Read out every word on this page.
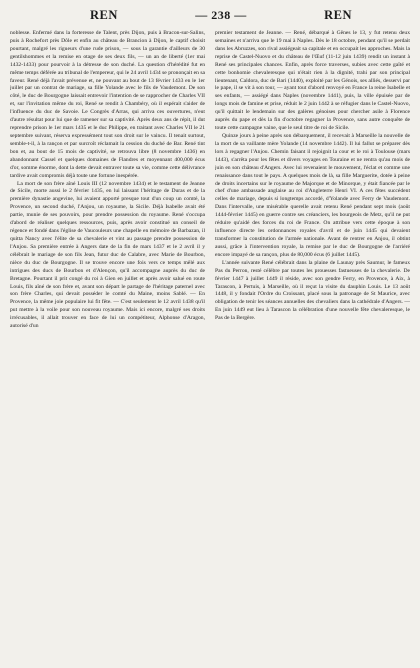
REN	— 238 —	REN

noblesse. Enfermé dans la forteresse de Talent, près Dijon, puis à Bracon-sur-Salins, puis à Rochefort près Dôle et enfin au château de Brancion à Dijon, le captif choisit pourtant, malgré les rigueurs d'une rude prison, — sous la garantie d'ailleurs de 30 gentilshommes et la remise en otage de ses deux fils, — un an de liberté (1er mai 1432-1433) pour pourvoir à la détresse de son duché. La question d'hérédité fut en même temps déférée au tribunal de l'empereur, qui le 24 avril 1434 se prononçait en sa faveur. René déjà l'avait prévenue et, ne pouvant au bout de 13 février 1433 en le 1er juillet par un contrat de mariage, sa fille Yolande avec le fils de Vaudemont. De son côté, le duc de Bourgogne laissait entrevoir l'intention de se rapprocher de Charles VII et, sur l'invitation même du roi, René se rendit à Chambéry, où il espérait s'aider de l'influence du duc de Savoie. Le Congrès d'Arras, qui arriva ces ouvertures, n'eut d'autre résultat pour lui que de ramener sur sa captivité. Après deux ans de répit, il dut reprendre prison le 1er mars 1435 et le duc Philippe, en traitant avec Charles VII le 21 septembre suivant, réserva expressément tout son droit sur le vaincu. Il tenait surtout, semble-t-il, à la rançon et par surcroît réclamait la cession du duché de Bar. René tint bon et, au bout de 15 mois de captivité, se retrouva libre (8 novembre 1436) en abandonnant Cassel et quelques domaines de Flandres et moyennant 400,000 écus d'or, somme énorme, dont la dette devait entraver toute sa vie, comme cette délivrance tardive avait compromis déjà toute une fortune inespérée.

La mort de son frère aîné Louis III (12 novembre 1434) et le testament de Jeanne de Sicile, morte aussi le 2 février 1435, en lui laissant l'héritage de Duras et de la première dynastie angevine, lui avaient apporté presque tout d'un coup un comté, la Provence, un second duché, l'Anjou, un royaume, la Sicile. Déjà Isabelle avait été partie, munie de ses pouvoirs, pour prendre possession du royaume. René s'occupa d'abord de réaliser quelques ressources, puis, après avoir constitué un conseil de régence et fondé dans l'église de Vaucouleurs une chapelle en mémoire de Barbazan, il quitta Nancy avec l'élite de sa chevalerie et vint au passage prendre possession de l'Anjou. Sa première entrée à Angers date de la fin de mars 1437 et le 2 avril il y célébrait le mariage de son fils Jean, futur duc de Calabre, avec Marie de Bourbon, nièce du duc de Bourgogne. Il se trouve encore une fois vers ce temps mêlé aux intrigues des ducs de Bourbon et d'Alençon, qu'il accompagne auprès du duc de Bretagne. Pourtant il prit congé du roi à Gien en juillet et après avoir salué en route Louis, fils aîné de son frère et, avant son départ le partage de l'héritage paternel avec son frère Charles, qui devait posséder le comté du Maine, moins Sablé. — En Provence, la même joie populaire lui fit fête. — C'est seulement le 12 avril 1438 qu'il put mettre à la voile pour son nouveau royaume. Mais ici encore, malgré ses droits irrécusables, il allait trouver en face de lui un compétiteur, Alphonse d'Aragon, autorisé d'un

premier testament de Jeanne. — René, débarqué à Gênes le 13, y fut retenu deux semaines et n'arriva que le 19 mai à Naples. Dès le 18 octobre, pendant qu'il se perdait dans les Abruzzes, son rival assiégeait sa capitale et en occupait les approches. Mais la reprise de Castel-Nuovo et du château de l'Œuf (11-12 juin 1439) rendit un instant à René ses principales chances. Enfin, après force traverses, subies avec cette gaîté et cette bonhomie chevaleresque qui n'était rien à la dignité, trahi par son principal lieutenant, Caldora, duc de Bari (1440), exploité par les Génois, ses alliés, desservi par le pape, il se vit à son tour, — ayant tout d'abord renvoyé en France la reine Isabelle et ses enfants, — assiégé dans Naples (novembre 1441), puis, la ville épuisée par de longs mois de famine et prise, réduit le 2 juin 1442 à se réfugier dans le Castel-Nuovo, qu'il quittait le lendemain sur des galères génoises pour chercher asile à Florence auprès du pape et dès la fin d'octobre regagner la Provence, sans autre conquête de toute cette campagne vaine, que le seul titre de roi de Sicile.

Quinze jours à peine après son débarquement, il recevait à Marseille la nouvelle de la mort de sa vaillante mère Yolande (14 novembre 1442). Il lui fallut se préparer dès lors à regagner l'Anjou. Chemin faisant il rejoignit la cour et le roi à Toulouse (mars 1443), s'arrêta pour les fêtes et divers voyages en Touraine et ne rentra qu'au mois de juin en son château d'Angers. Avec lui revenaient le mouvement, l'éclat et comme une renaissance dans tout le pays. A quelques mois de là, sa fille Marguerite, dotée à peine de droits incertains sur le royaume de Majorque et de Minorque, y était fiancée par le chef d'une ambassade anglaise au roi d'Angleterre Henri VI. A ces fêtes succédent celles de mariage, depuis si longtemps accordé, d'Yolande avec Ferry de Vaudemont. Dans l'intervalle, une misérable querelle avait retenu René pendant sept mois (août 1444-février 1445) en guerre contre ses créanciers, les bourgeois de Metz, qu'il ne put réduire qu'aidé des forces du roi de France. On attribue vers cette époque à son influence directe les ordonnances royales d'avril et de juin 1445 qui devaient transformer la constitution de l'armée nationale. Avant de rentrer en Anjou, il obtint aussi, grâce à l'intervention royale, la remise par le duc de Bourgogne de l'arriéré encore impayé de sa rançon, plus de 80,000 écus (6 juillet 1445).

L'année suivante René célébrait dans la plaine de Launay près Saumur, le fameux Pas du Perron, resté célèbre par toutes les prouesses fastueuses de la chevalerie. De février 1447 à juillet 1449 il réside, avec son gendre Ferry, en Provence, à Aix, à Tarascon, à Pertuis, à Marseille, où il reçut la visite du dauphin Louis. Le 13 août 1448, il y fondait l'Ordre du Croissant, placé sous la patronage de St Maurice, avec obligation de tenir les séances annuelles des chevaliers dans la cathédrale d'Angers. — En juin 1449 eut lieu à Tarascon la célébration d'une nouvelle fête chevaleresque, le Pas de la Bergère.
